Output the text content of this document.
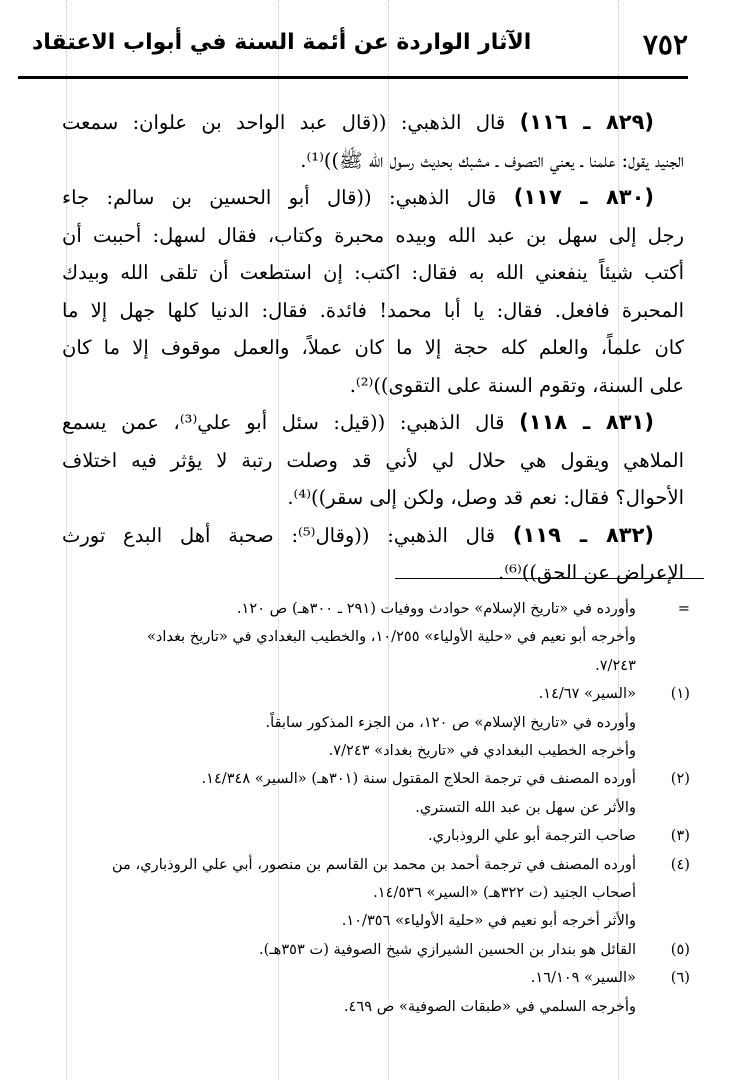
٧٥٢
الآثار الواردة عن أئمة السنة في أبواب الاعتقاد

(٨٢٩ ـ ١١٦) قال الذهبي: ((قال عبد الواحد بن علوان: سمعت
الجنيد يقول: علمنا ـ يعني التصوف ـ مشبك بحديث رسول الله ﷺ))⁽¹⁾.

(٨٣٠ ـ ١١٧) قال الذهبي: ((قال أبو الحسين بن سالم: جاء
رجل إلى سهل بن عبد الله وبيده محبرة وكتاب، فقال لسهل: أحببت أن
أكتب شيئاً ينفعني الله به فقال: اكتب: إن استطعت أن تلقى الله وبيدك
المحبرة فافعل. فقال: يا أبا محمد! فائدة. فقال: الدنيا كلها جهل إلا ما
كان علماً، والعلم كله حجة إلا ما كان عملاً، والعمل موقوف إلا ما كان
على السنة، وتقوم السنة على التقوى))⁽²⁾.

(٨٣١ ـ ١١٨) قال الذهبي: ((قيل: سئل أبو علي⁽³⁾، عمن يسمع
الملاهي ويقول هي حلال لي لأني قد وصلت رتبة لا يؤثر فيه اختلاف
الأحوال؟ فقال: نعم قد وصل، ولكن إلى سقر))⁽⁴⁾.

(٨٣٢ ـ ١١٩) قال الذهبي: ((وقال⁽⁵⁾: صحبة أهل البدع تورث
الإعراض عن الحق))⁽⁶⁾.

=
وأورده في «تاريخ الإسلام» حوادث ووفيات (٢٩١ ـ ٣٠٠هـ) ص ١٢٠.
وأخرجه أبو نعيم في «حلية الأولياء» ١٠/٢٥٥، والخطيب البغدادي في «تاريخ بغداد»
٧/٢٤٣.
(١)
«السير» ١٤/٦٧.
وأورده في «تاريخ الإسلام» ص ١٢٠، من الجزء المذكور سابقاً.
وأخرجه الخطيب البغدادي في «تاريخ بغداد» ٧/٢٤٣.
(٢)
أورده المصنف في ترجمة الحلاج المقتول سنة (٣٠١هـ) «السير» ١٤/٣٤٨.
والأثر عن سهل بن عبد الله التستري.
(٣)
صاحب الترجمة أبو علي الروذباري.
(٤)
أورده المصنف في ترجمة أحمد بن محمد بن القاسم بن منصور، أبي علي الروذباري، من
أصحاب الجنيد (ت ٣٢٢هـ) «السير» ١٤/٥٣٦.
والأثر أخرجه أبو نعيم في «حلية الأولياء» ١٠/٣٥٦.
(٥)
القائل هو بندار بن الحسين الشيرازي شيخ الصوفية (ت ٣٥٣هـ).
(٦)
«السير» ١٦/١٠٩.
وأخرجه السلمي في «طبقات الصوفية» ص ٤٦٩.
